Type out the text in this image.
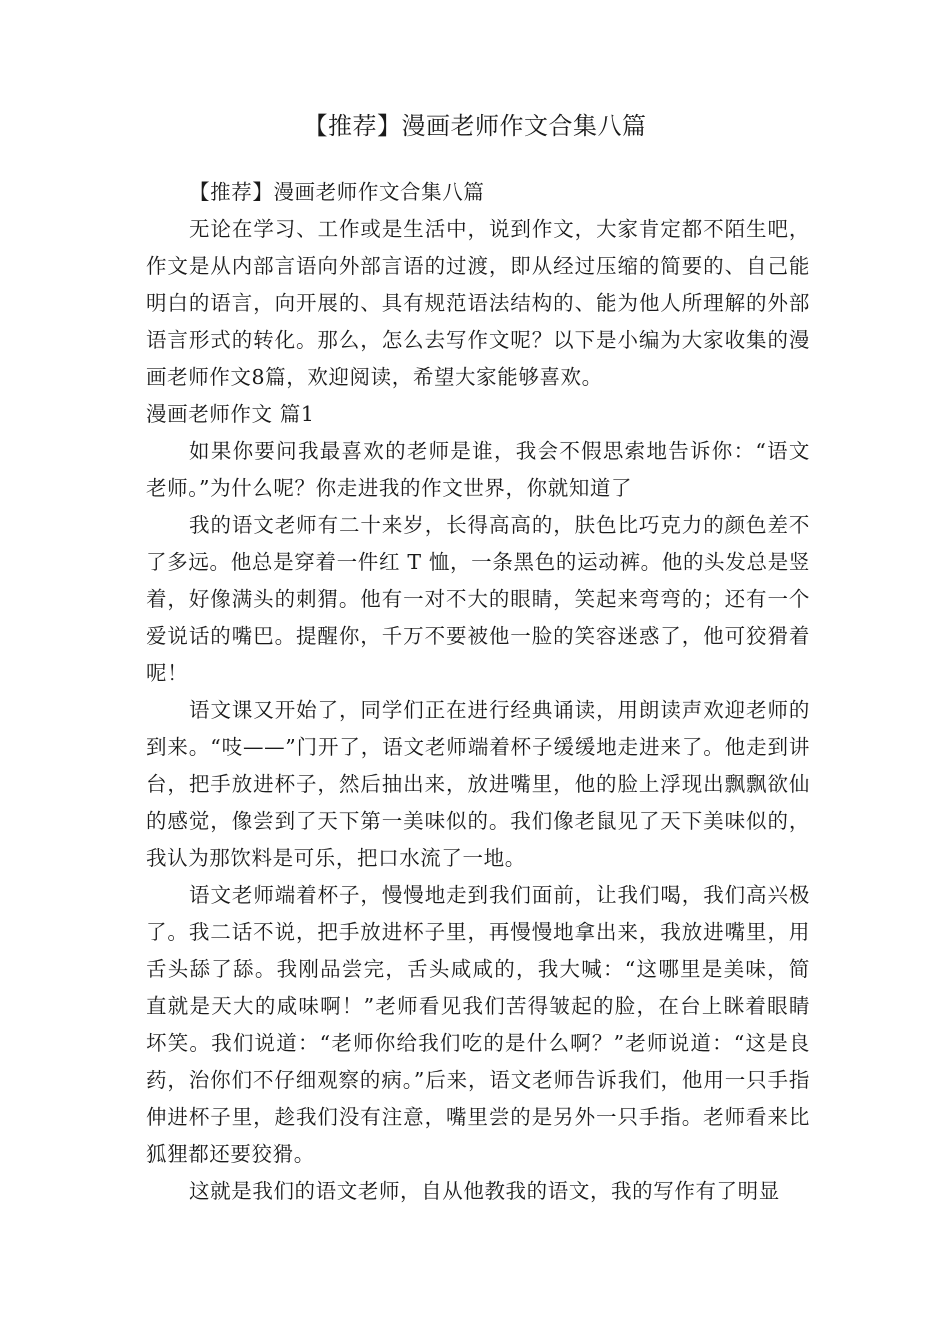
【推荐】漫画老师作文合集八篇

【推荐】漫画老师作文合集八篇

无论在学习、工作或是生活中，说到作文，大家肯定都不陌生吧，作文是从内部言语向外部言语的过渡，即从经过压缩的简要的、自己能明白的语言，向开展的、具有规范语法结构的、能为他人所理解的外部语言形式的转化。那么，怎么去写作文呢？以下是小编为大家收集的漫画老师作文8篇，欢迎阅读，希望大家能够喜欢。

漫画老师作文 篇1

如果你要问我最喜欢的老师是谁，我会不假思索地告诉你：“语文老师。”为什么呢？你走进我的作文世界，你就知道了

我的语文老师有二十来岁，长得高高的，肤色比巧克力的颜色差不了多远。他总是穿着一件红 T 恤，一条黑色的运动裤。他的头发总是竖着，好像满头的刺猬。他有一对不大的眼睛，笑起来弯弯的；还有一个爱说话的嘴巴。提醒你，千万不要被他一脸的笑容迷惑了，他可狡猾着呢！

语文课又开始了，同学们正在进行经典诵读，用朗读声欢迎老师的到来。“吱——”门开了，语文老师端着杯子缓缓地走进来了。他走到讲台，把手放进杯子，然后抽出来，放进嘴里，他的脸上浮现出飘飘欲仙的感觉，像尝到了天下第一美味似的。我们像老鼠见了天下美味似的，我认为那饮料是可乐，把口水流了一地。

语文老师端着杯子，慢慢地走到我们面前，让我们喝，我们高兴极了。我二话不说，把手放进杯子里，再慢慢地拿出来，我放进嘴里，用舌头舔了舔。我刚品尝完，舌头咸咸的，我大喊：“这哪里是美味，简直就是天大的咸味啊！”老师看见我们苦得皱起的脸，在台上眯着眼睛坏笑。我们说道：“老师你给我们吃的是什么啊？”老师说道：“这是良药，治你们不仔细观察的病。”后来，语文老师告诉我们，他用一只手指伸进杯子里，趁我们没有注意，嘴里尝的是另外一只手指。老师看来比狐狸都还要狡猾。

这就是我们的语文老师，自从他教我的语文，我的写作有了明显
